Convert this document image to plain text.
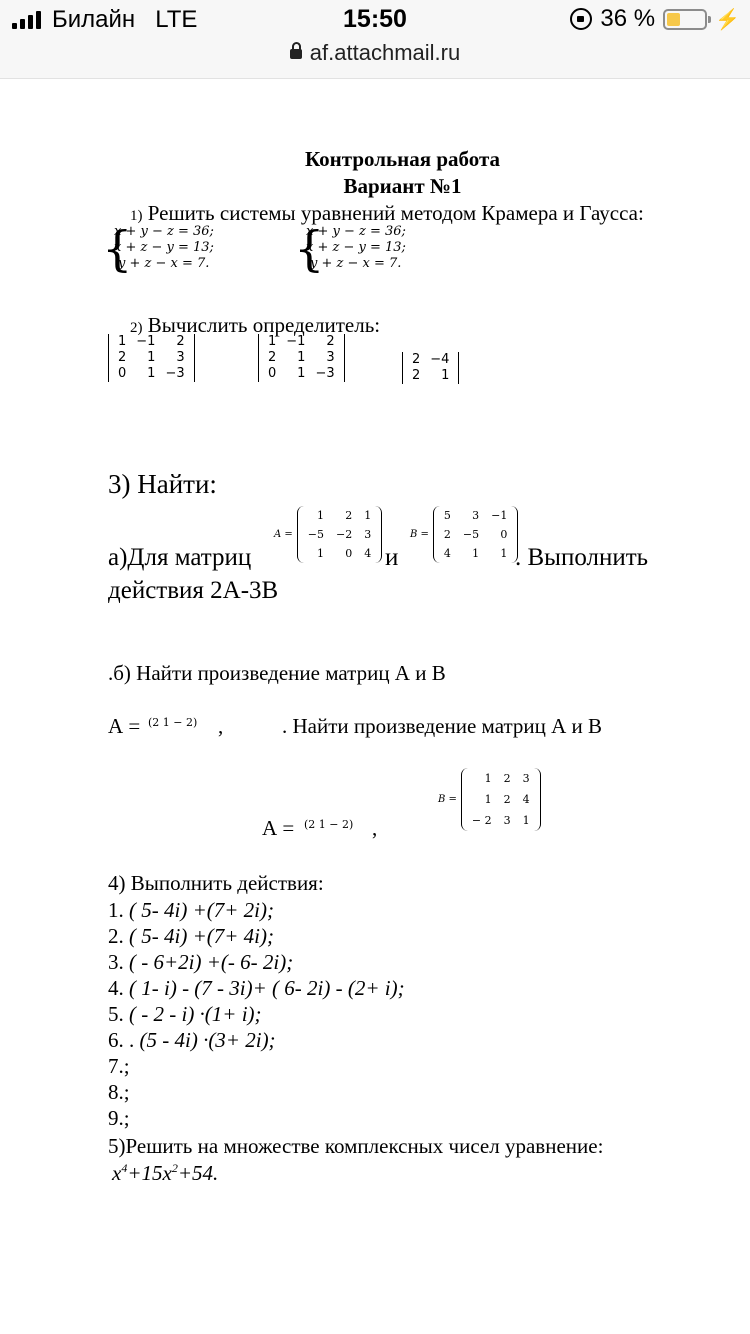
Билайн LTE	15:50	36 %	⚡
af.attachmail.ru
Контрольная работа
Вариант №1
1) Решить системы уравнений методом Крамера и Гаусса:
{
x + y − z = 36;
x + z − y = 13;
y + z − x = 7. {
x + y − z = 36;
x + z − y = 13;
y + z − x = 7.
2) Вычислить определитель:
1 −1	2
2	1	3
0	1 −3
1 −1	2
2	1	3
0	1 −3
2 −4
2	1
3) Найти:
A =
1	2	1
−5	−2	3
1	0	4
B =
5	3	−1
2	−5	0
4	1	1
а)Для матриц	и	. Выполнить
действия 2А-3В
.б) Найти произведение матриц А и В
А = (2 1 − 2) ,	. Найти произведение матриц А и В
А = (2 1 − 2) ,
B =
1	2	3
1	2	4
− 2	3	1
4) Выполнить действия:
1. ( 5- 4i) +(7+ 2i);
2. ( 5- 4i) +(7+ 4i);
3. ( - 6+2i) +(- 6- 2i);
4. ( 1- i) - (7 - 3i)+ ( 6- 2i) - (2+ i);
5. ( - 2 - i) ·(1+ i);
6. . (5 - 4i) ·(3+ 2i);
7.;
8.;
9.;
5)Решить на множестве комплексных чисел уравнение:
$x^4+15x^2+54$.
